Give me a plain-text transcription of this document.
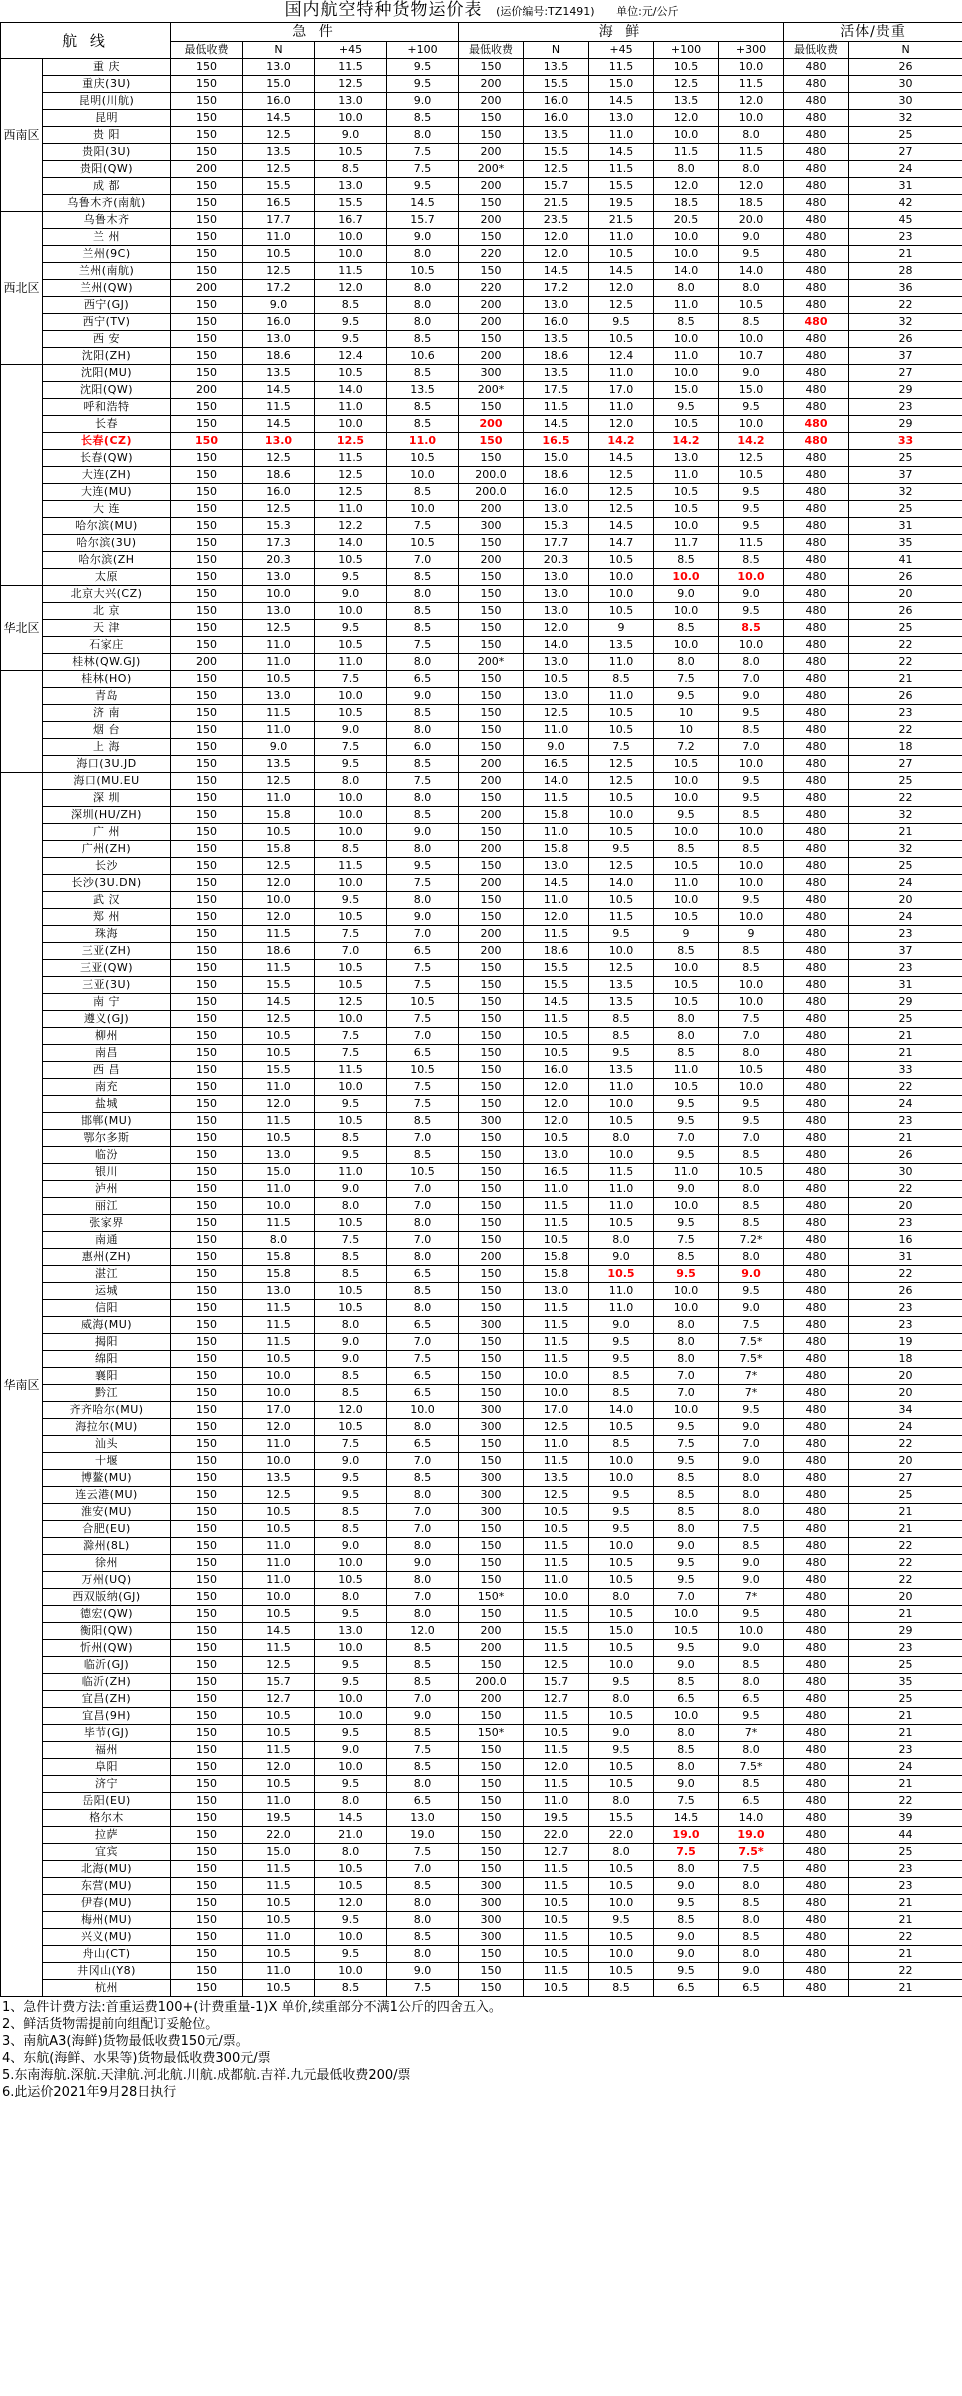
国内航空特种货物运价表 (运价编号:TZ1491) 单位:元/公斤												
航 线		急 件				海 鲜					活体/贵重	
		最低收费	N	+45	+100	最低收费	N	+45	+100	+300	最低收费	N
西南区	重 庆	150	13.0	11.5	9.5	150	13.5	11.5	10.5	10.0	480	26
	重庆(3U)	150	15.0	12.5	9.5	200	15.5	15.0	12.5	11.5	480	30
	昆明(川航)	150	16.0	13.0	9.0	200	16.0	14.5	13.5	12.0	480	30
	昆明	150	14.5	10.0	8.5	150	16.0	13.0	12.0	10.0	480	32
	贵 阳	150	12.5	9.0	8.0	150	13.5	11.0	10.0	8.0	480	25
	贵阳(3U)	150	13.5	10.5	7.5	200	15.5	14.5	11.5	11.5	480	27
	贵阳(QW)	200	12.5	8.5	7.5	200*	12.5	11.5	8.0	8.0	480	24
	成 都	150	15.5	13.0	9.5	200	15.7	15.5	12.0	12.0	480	31
	乌鲁木齐(南航)	150	16.5	15.5	14.5	150	21.5	19.5	18.5	18.5	480	42
西北区	乌鲁木齐	150	17.7	16.7	15.7	200	23.5	21.5	20.5	20.0	480	45
	兰 州	150	11.0	10.0	9.0	150	12.0	11.0	10.0	9.0	480	23
	兰州(9C)	150	10.5	10.0	8.0	220	12.0	10.5	10.0	9.5	480	21
	兰州(南航)	150	12.5	11.5	10.5	150	14.5	14.5	14.0	14.0	480	28
	兰州(QW)	200	17.2	12.0	8.0	220	17.2	12.0	8.0	8.0	480	36
	西宁(GJ)	150	9.0	8.5	8.0	200	13.0	12.5	11.0	10.5	480	22
	西宁(TV)	150	16.0	9.5	8.0	200	16.0	9.5	8.5	8.5	480	32
	西 安	150	13.0	9.5	8.5	150	13.5	10.5	10.0	10.0	480	26
	沈阳(ZH)	150	18.6	12.4	10.6	200	18.6	12.4	11.0	10.7	480	37
	沈阳(MU)	150	13.5	10.5	8.5	300	13.5	11.0	10.0	9.0	480	27
	沈阳(QW)	200	14.5	14.0	13.5	200*	17.5	17.0	15.0	15.0	480	29
	呼和浩特	150	11.5	11.0	8.5	150	11.5	11.0	9.5	9.5	480	23
	长春	150	14.5	10.0	8.5	200	14.5	12.0	10.5	10.0	480	29
	长春(CZ)	150	13.0	12.5	11.0	150	16.5	14.2	14.2	14.2	480	33
	长春(QW)	150	12.5	11.5	10.5	150	15.0	14.5	13.0	12.5	480	25
	大连(ZH)	150	18.6	12.5	10.0	200.0	18.6	12.5	11.0	10.5	480	37
	大连(MU)	150	16.0	12.5	8.5	200.0	16.0	12.5	10.5	9.5	480	32
	大 连	150	12.5	11.0	10.0	200	13.0	12.5	10.5	9.5	480	25
	哈尔滨(MU)	150	15.3	12.2	7.5	300	15.3	14.5	10.0	9.5	480	31
	哈尔滨(3U)	150	17.3	14.0	10.5	150	17.7	14.7	11.7	11.5	480	35
	哈尔滨(ZH	150	20.3	10.5	7.0	200	20.3	10.5	8.5	8.5	480	41
	太原	150	13.0	9.5	8.5	150	13.0	10.0	10.0	10.0	480	26
华北区	北京大兴(CZ)	150	10.0	9.0	8.0	150	13.0	10.0	9.0	9.0	480	20
	北 京	150	13.0	10.0	8.5	150	13.0	10.5	10.0	9.5	480	26
	天 津	150	12.5	9.5	8.5	150	12.0	9	8.5	8.5	480	25
	石家庄	150	11.0	10.5	7.5	150	14.0	13.5	10.0	10.0	480	22
	桂林(QW.GJ)	200	11.0	11.0	8.0	200*	13.0	11.0	8.0	8.0	480	22
	桂林(HO)	150	10.5	7.5	6.5	150	10.5	8.5	7.5	7.0	480	21
	青岛	150	13.0	10.0	9.0	150	13.0	11.0	9.5	9.0	480	26
	济 南	150	11.5	10.5	8.5	150	12.5	10.5	10	9.5	480	23
	烟 台	150	11.0	9.0	8.0	150	11.0	10.5	10	8.5	480	22
	上 海	150	9.0	7.5	6.0	150	9.0	7.5	7.2	7.0	480	18
	海口(3U.JD	150	13.5	9.5	8.5	200	16.5	12.5	10.5	10.0	480	27
华南区	海口(MU.EU	150	12.5	8.0	7.5	200	14.0	12.5	10.0	9.5	480	25
	深 圳	150	11.0	10.0	8.0	150	11.5	10.5	10.0	9.5	480	22
	深圳(HU/ZH)	150	15.8	10.0	8.5	200	15.8	10.0	9.5	8.5	480	32
	广 州	150	10.5	10.0	9.0	150	11.0	10.5	10.0	10.0	480	21
	广州(ZH)	150	15.8	8.5	8.0	200	15.8	9.5	8.5	8.5	480	32
	长沙	150	12.5	11.5	9.5	150	13.0	12.5	10.5	10.0	480	25
	长沙(3U.DN)	150	12.0	10.0	7.5	200	14.5	14.0	11.0	10.0	480	24
	武 汉	150	10.0	9.5	8.0	150	11.0	10.5	10.0	9.5	480	20
	郑 州	150	12.0	10.5	9.0	150	12.0	11.5	10.5	10.0	480	24
	珠海	150	11.5	7.5	7.0	200	11.5	9.5	9	9	480	23
	三亚(ZH)	150	18.6	7.0	6.5	200	18.6	10.0	8.5	8.5	480	37
	三亚(QW)	150	11.5	10.5	7.5	150	15.5	12.5	10.0	8.5	480	23
	三亚(3U)	150	15.5	10.5	7.5	150	15.5	13.5	10.5	10.0	480	31
	南 宁	150	14.5	12.5	10.5	150	14.5	13.5	10.5	10.0	480	29
	遵义(GJ)	150	12.5	10.0	7.5	150	11.5	8.5	8.0	7.5	480	25
	柳州	150	10.5	7.5	7.0	150	10.5	8.5	8.0	7.0	480	21
	南昌	150	10.5	7.5	6.5	150	10.5	9.5	8.5	8.0	480	21
	西 昌	150	15.5	11.5	10.5	150	16.0	13.5	11.0	10.5	480	33
	南充	150	11.0	10.0	7.5	150	12.0	11.0	10.5	10.0	480	22
	盐城	150	12.0	9.5	7.5	150	12.0	10.0	9.5	9.5	480	24
	邯郸(MU)	150	11.5	10.5	8.5	300	12.0	10.5	9.5	9.5	480	23
	鄂尔多斯	150	10.5	8.5	7.0	150	10.5	8.0	7.0	7.0	480	21
	临汾	150	13.0	9.5	8.5	150	13.0	10.0	9.5	8.5	480	26
	银川	150	15.0	11.0	10.5	150	16.5	11.5	11.0	10.5	480	30
	泸州	150	11.0	9.0	7.0	150	11.0	11.0	9.0	8.0	480	22
	丽江	150	10.0	8.0	7.0	150	11.5	11.0	10.0	8.5	480	20
	张家界	150	11.5	10.5	8.0	150	11.5	10.5	9.5	8.5	480	23
	南通	150	8.0	7.5	7.0	150	10.5	8.0	7.5	7.2*	480	16
	惠州(ZH)	150	15.8	8.5	8.0	200	15.8	9.0	8.5	8.0	480	31
	湛江	150	15.8	8.5	6.5	150	15.8	10.5	9.5	9.0	480	22
	运城	150	13.0	10.5	8.5	150	13.0	11.0	10.0	9.5	480	26
	信阳	150	11.5	10.5	8.0	150	11.5	11.0	10.0	9.0	480	23
	威海(MU)	150	11.5	8.0	6.5	300	11.5	9.0	8.0	7.5	480	23
	揭阳	150	11.5	9.0	7.0	150	11.5	9.5	8.0	7.5*	480	19
	绵阳	150	10.5	9.0	7.5	150	11.5	9.5	8.0	7.5*	480	18
	襄阳	150	10.0	8.5	6.5	150	10.0	8.5	7.0	7*	480	20
	黔江	150	10.0	8.5	6.5	150	10.0	8.5	7.0	7*	480	20
	齐齐哈尔(MU)	150	17.0	12.0	10.0	300	17.0	14.0	10.0	9.5	480	34
	海拉尔(MU)	150	12.0	10.5	8.0	300	12.5	10.5	9.5	9.0	480	24
	汕头	150	11.0	7.5	6.5	150	11.0	8.5	7.5	7.0	480	22
	十堰	150	10.0	9.0	7.0	150	11.5	10.0	9.5	9.0	480	20
	博鳌(MU)	150	13.5	9.5	8.5	300	13.5	10.0	8.5	8.0	480	27
	连云港(MU)	150	12.5	9.5	8.0	300	12.5	9.5	8.5	8.0	480	25
	淮安(MU)	150	10.5	8.5	7.0	300	10.5	9.5	8.5	8.0	480	21
	合肥(EU)	150	10.5	8.5	7.0	150	10.5	9.5	8.0	7.5	480	21
	滁州(8L)	150	11.0	9.0	8.0	150	11.5	10.0	9.0	8.5	480	22
	徐州	150	11.0	10.0	9.0	150	11.5	10.5	9.5	9.0	480	22
	万州(UQ)	150	11.0	10.5	8.0	150	11.0	10.5	9.5	9.0	480	22
	西双版纳(GJ)	150	10.0	8.0	7.0	150*	10.0	8.0	7.0	7*	480	20
	德宏(QW)	150	10.5	9.5	8.0	150	11.5	10.5	10.0	9.5	480	21
	衡阳(QW)	150	14.5	13.0	12.0	200	15.5	15.0	10.5	10.0	480	29
	忻州(QW)	150	11.5	10.0	8.5	200	11.5	10.5	9.5	9.0	480	23
	临沂(GJ)	150	12.5	9.5	8.5	150	12.5	10.0	9.0	8.5	480	25
	临沂(ZH)	150	15.7	9.5	8.5	200.0	15.7	9.5	8.5	8.0	480	35
	宜昌(ZH)	150	12.7	10.0	7.0	200	12.7	8.0	6.5	6.5	480	25
	宜昌(9H)	150	10.5	10.0	9.0	150	11.5	10.5	10.0	9.5	480	21
	毕节(GJ)	150	10.5	9.5	8.5	150*	10.5	9.0	8.0	7*	480	21
	福州	150	11.5	9.0	7.5	150	11.5	9.5	8.5	8.0	480	23
	阜阳	150	12.0	10.0	8.5	150	12.0	10.5	8.0	7.5*	480	24
	济宁	150	10.5	9.5	8.0	150	11.5	10.5	9.0	8.5	480	21
	岳阳(EU)	150	11.0	8.0	6.5	150	11.0	8.0	7.5	6.5	480	22
	格尔木	150	19.5	14.5	13.0	150	19.5	15.5	14.5	14.0	480	39
	拉萨	150	22.0	21.0	19.0	150	22.0	22.0	19.0	19.0	480	44
	宜宾	150	15.0	8.0	7.5	150	12.7	8.0	7.5	7.5*	480	25
	北海(MU)	150	11.5	10.5	7.0	150	11.5	10.5	8.0	7.5	480	23
	东营(MU)	150	11.5	10.5	8.5	300	11.5	10.5	9.0	8.0	480	23
	伊春(MU)	150	10.5	12.0	8.0	300	10.5	10.0	9.5	8.5	480	21
	梅州(MU)	150	10.5	9.5	8.0	300	10.5	9.5	8.5	8.0	480	21
	兴义(MU)	150	11.0	10.0	8.5	300	11.5	10.5	9.0	8.5	480	22
	舟山(CT)	150	10.5	9.5	8.0	150	10.5	10.0	9.0	8.0	480	21
	井冈山(Y8)	150	11.0	10.0	9.0	150	11.5	10.5	9.5	9.0	480	22
	杭州	150	10.5	8.5	7.5	150	10.5	8.5	6.5	6.5	480	21
1、急件计费方法:首重运费100+(计费重量-1)X 单价,续重部分不满1公斤的四舍五入。
2、鲜活货物需提前向组配订妥舱位。
3、南航A3(海鲜)货物最低收费150元/票。
4、东航(海鲜、水果等)货物最低收费300元/票
5.东南海航.深航.天津航.河北航.川航.成都航.吉祥.九元最低收费200/票
6.此运价2021年9月28日执行
